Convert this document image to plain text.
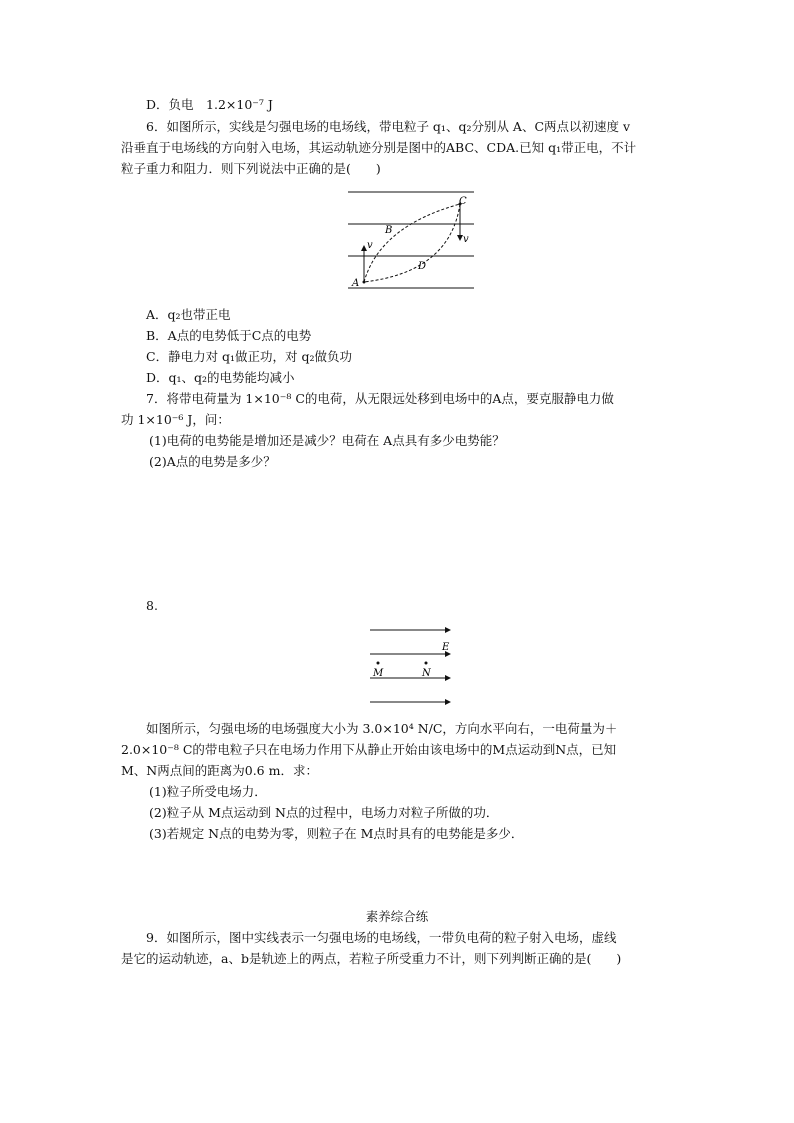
D．负电　1.2×10⁻⁷ J
6．如图所示，实线是匀强电场的电场线，带电粒子 q₁、q₂分别从 A、C两点以初速度 v
沿垂直于电场线的方向射入电场，其运动轨迹分别是图中的ABC、CDA.已知 q₁带正电，不计
粒子重力和阻力．则下列说法中正确的是(　　)
A
B
C
D
v
v
A．q₂也带正电
B．A点的电势低于C点的电势
C．静电力对 q₁做正功，对 q₂做负功
D．q₁、q₂的电势能均减小
7．将带电荷量为 1×10⁻⁸ C的电荷，从无限远处移到电场中的A点，要克服静电力做
功 1×10⁻⁶ J，问：
(1)电荷的电势能是增加还是减少？电荷在 A点具有多少电势能？
(2)A点的电势是多少？
8.
E
M	N
如图所示，匀强电场的电场强度大小为 3.0×10⁴ N/C，方向水平向右，一电荷量为＋
2.0×10⁻⁸ C的带电粒子只在电场力作用下从静止开始由该电场中的M点运动到N点，已知
M、N两点间的距离为0.6 m．求：
(1)粒子所受电场力．
(2)粒子从 M点运动到 N点的过程中，电场力对粒子所做的功．
(3)若规定 N点的电势为零，则粒子在 M点时具有的电势能是多少．
素养综合练
9．如图所示，图中实线表示一匀强电场的电场线，一带负电荷的粒子射入电场，虚线
是它的运动轨迹，a、b是轨迹上的两点，若粒子所受重力不计，则下列判断正确的是(　　)
